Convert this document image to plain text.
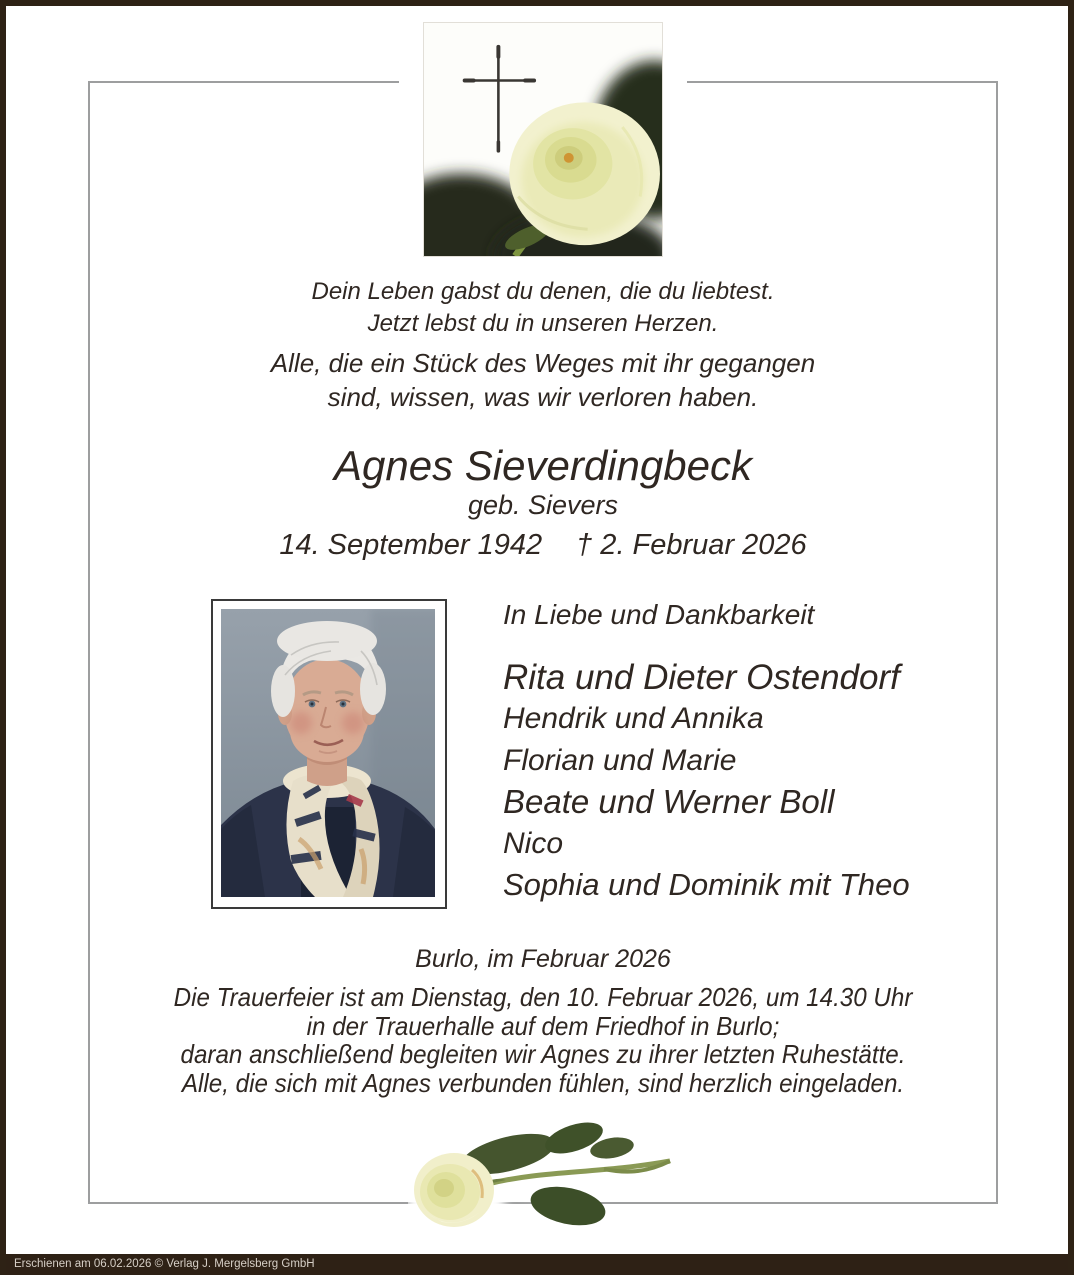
Dein Leben gabst du denen, die du liebtest.
Jetzt lebst du in unseren Herzen.
Alle, die ein Stück des Weges mit ihr gegangen
sind, wissen, was wir verloren haben.
Agnes Sieverdingbeck
geb. Sievers
14. September 1942 † 2. Februar 2026
In Liebe und Dankbarkeit
Rita und Dieter Ostendorf
Hendrik und Annika
Florian und Marie
Beate und Werner Boll
Nico
Sophia und Dominik mit Theo
Burlo, im Februar 2026
Die Trauerfeier ist am Dienstag, den 10. Februar 2026, um 14.30 Uhr
in der Trauerhalle auf dem Friedhof in Burlo;
daran anschließend begleiten wir Agnes zu ihrer letzten Ruhestätte.
Alle, die sich mit Agnes verbunden fühlen, sind herzlich eingeladen.
Erschienen am 06.02.2026 © Verlag J. Mergelsberg GmbH
